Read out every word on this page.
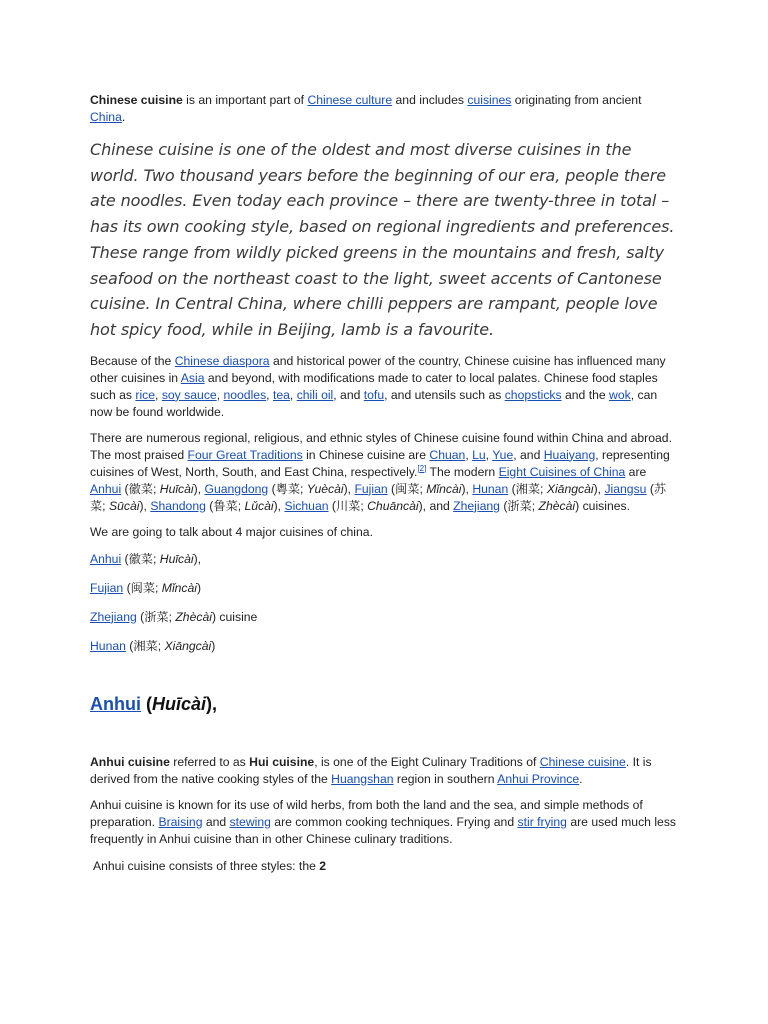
Chinese cuisine is an important part of Chinese culture and includes cuisines originating from ancient China.

Chinese cuisine is one of the oldest and most diverse cuisines in the world. Two thousand years before the beginning of our era, people there ate noodles. Even today each province – there are twenty-three in total – has its own cooking style, based on regional ingredients and preferences. These range from wildly picked greens in the mountains and fresh, salty seafood on the northeast coast to the light, sweet accents of Cantonese cuisine. In Central China, where chilli peppers are rampant, people love hot spicy food, while in Beijing, lamb is a favourite.

Because of the Chinese diaspora and historical power of the country, Chinese cuisine has influenced many other cuisines in Asia and beyond, with modifications made to cater to local palates. Chinese food staples such as rice, soy sauce, noodles, tea, chili oil, and tofu, and utensils such as chopsticks and the wok, can now be found worldwide.

There are numerous regional, religious, and ethnic styles of Chinese cuisine found within China and abroad. The most praised Four Great Traditions in Chinese cuisine are Chuan, Lu, Yue, and Huaiyang, representing cuisines of West, North, South, and East China, respectively.[2] The modern Eight Cuisines of China are Anhui (徽菜; Huīcài), Guangdong (粵菜; Yuècài), Fujian (闽菜; Mǐncài), Hunan (湘菜; Xiāngcài), Jiangsu (苏菜; Sūcài), Shandong (鲁菜; Lǔcài), Sichuan (川菜; Chuāncài), and Zhejiang (浙菜; Zhècài) cuisines.

We are going to talk about 4 major cuisines of china.

Anhui (徽菜; Huīcài),

Fujian (闽菜; Mǐncài)

Zhejiang (浙菜; Zhècài) cuisine

Hunan (湘菜; Xiāngcài)

Anhui (Huīcài),

Anhui cuisine referred to as Hui cuisine, is one of the Eight Culinary Traditions of Chinese cuisine. It is derived from the native cooking styles of the Huangshan region in southern Anhui Province.

Anhui cuisine is known for its use of wild herbs, from both the land and the sea, and simple methods of preparation. Braising and stewing are common cooking techniques. Frying and stir frying are used much less frequently in Anhui cuisine than in other Chinese culinary traditions.

Anhui cuisine consists of three styles: the 2
